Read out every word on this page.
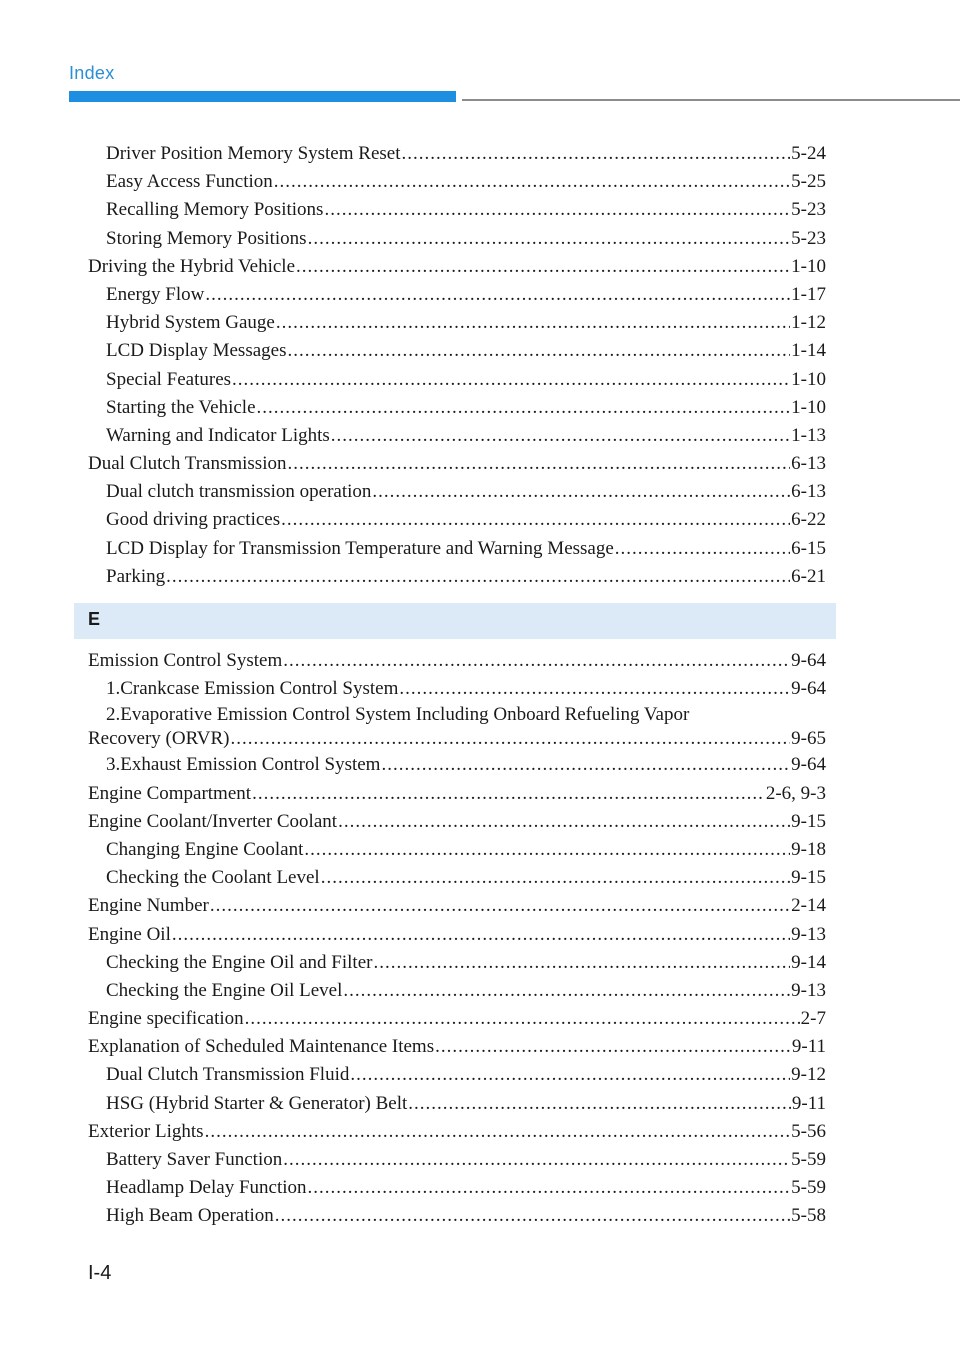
Index
Driver Position Memory System Reset .....	5-24
Easy Access Function .....	5-25
Recalling Memory Positions .....	5-23
Storing Memory Positions .....	5-23
Driving the Hybrid Vehicle .....	1-10
Energy Flow .....	1-17
Hybrid System Gauge .....	1-12
LCD Display Messages .....	1-14
Special Features .....	1-10
Starting the Vehicle .....	1-10
Warning and Indicator Lights .....	1-13
Dual Clutch Transmission .....	6-13
Dual clutch transmission operation .....	6-13
Good driving practices .....	6-22
LCD Display for Transmission Temperature and Warning Message .....	6-15
Parking .....	6-21
E
Emission Control System .....	9-64
1.Crankcase Emission Control System .....	9-64
2.Evaporative Emission Control System Including Onboard Refueling Vapor
Recovery (ORVR) .....	9-65
3.Exhaust Emission Control System .....	9-64
Engine Compartment .....	2-6, 9-3
Engine Coolant/Inverter Coolant .....	9-15
Changing Engine Coolant .....	9-18
Checking the Coolant Level .....	9-15
Engine Number .....	2-14
Engine Oil .....	9-13
Checking the Engine Oil and Filter .....	9-14
Checking the Engine Oil Level .....	9-13
Engine specification .....	2-7
Explanation of Scheduled Maintenance Items .....	9-11
Dual Clutch Transmission Fluid .....	9-12
HSG (Hybrid Starter & Generator) Belt .....	9-11
Exterior Lights .....	5-56
Battery Saver Function .....	5-59
Headlamp Delay Function .....	5-59
High Beam Operation .....	5-58
I-4
